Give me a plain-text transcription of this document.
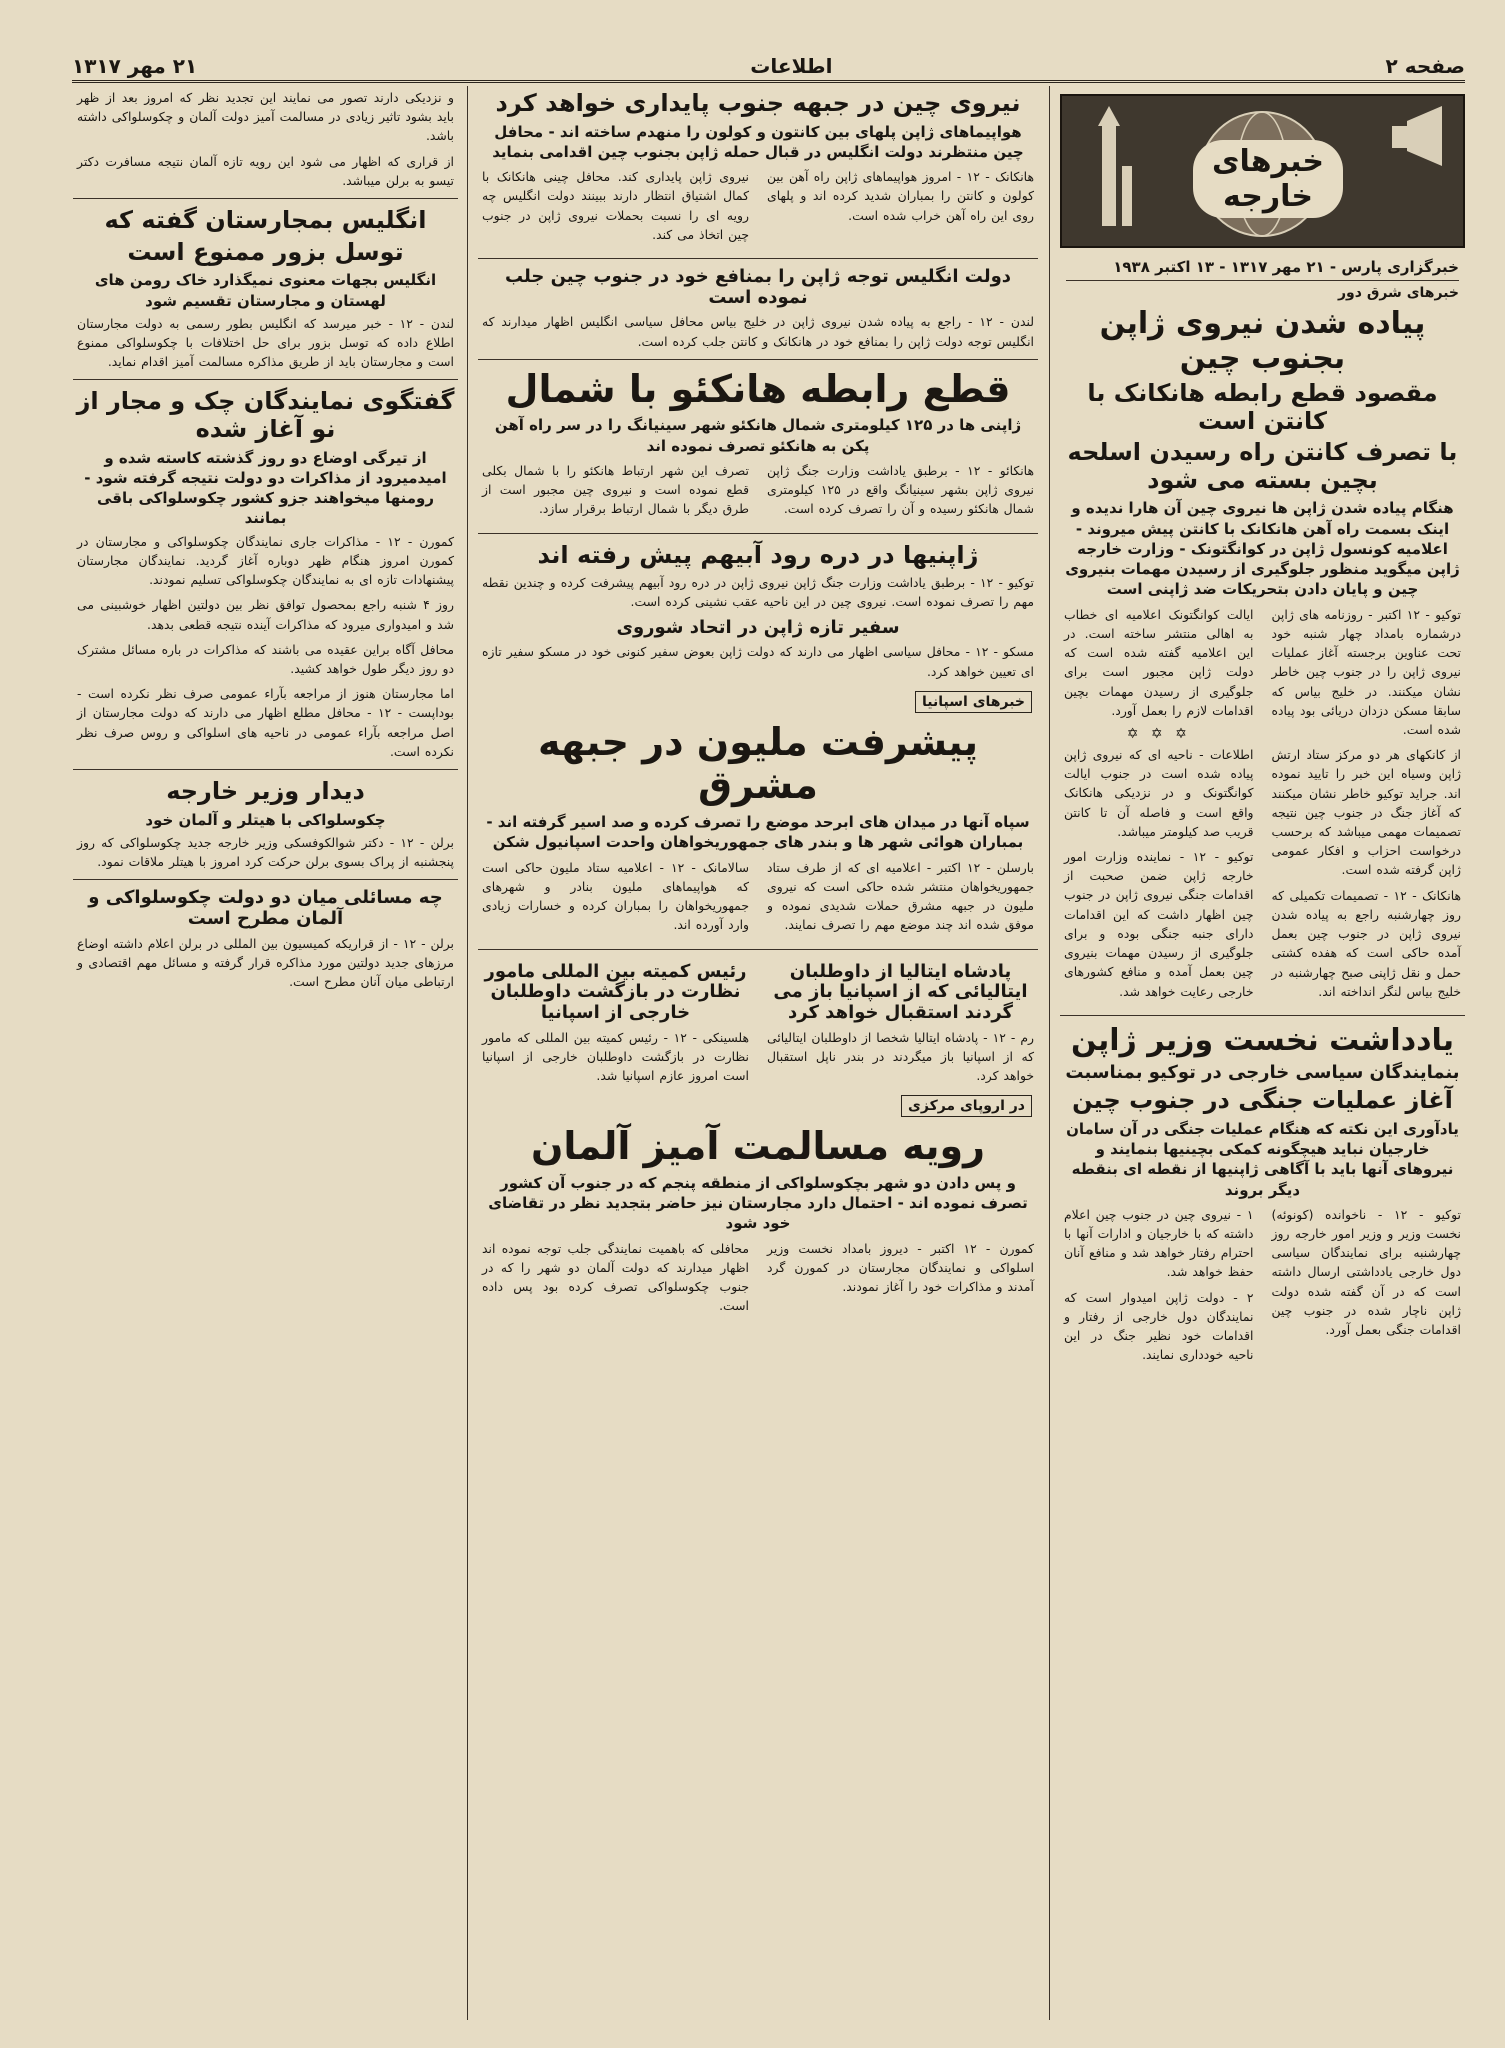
صفحه ۲
اطلاعات
۲۱ مهر ۱۳۱۷
خبرهای خارجه
خبرگزاری پارس - ۲۱ مهر ۱۳۱۷ - ۱۳ اکتبر ۱۹۳۸
خبرهای شرق دور
پیاده شدن نیروی ژاپن بجنوب چین
مقصود قطع رابطه هانکانک با کانتن است
با تصرف کانتن راه رسیدن اسلحه بچین بسته می شود
هنگام پیاده شدن ژاپن ها نیروی چین آن هارا ندیده و اینک بسمت راه آهن هانکانک با کانتن پیش میروند - اعلامیه کونسول ژاپن در کوانگتونک - وزارت خارجه ژاپن میگوید منظور جلوگیری از رسیدن مهمات بنیروی چین و پایان دادن بتحریکات ضد ژاپنی است
توکیو - ۱۲ اکتبر - روزنامه های ژاپن درشماره بامداد چهار شنبه خود تحت عناوین برجسته آغاز عملیات نیروی ژاپن را در جنوب چین خاطر نشان میکنند. در خلیج بیاس که سابقا مسکن دزدان دریائی بود پیاده شده است.
از کانکهای هر دو مرکز ستاد ارتش ژاپن وسیاه این خبر را تایید نموده اند. جراید توکیو خاطر نشان میکنند که آغاز جنگ در جنوب چین نتیجه تصمیمات مهمی میباشد که برحسب درخواست احزاب و افکار عمومی ژاپن گرفته شده است.
هانکانک - ۱۲ - تصمیمات تکمیلی که روز چهارشنبه راجع به پیاده شدن نیروی ژاپن در جنوب چین بعمل آمده حاکی است که هفده کشتی حمل و نقل ژاپنی صبح چهارشنبه در خلیج بیاس لنگر انداخته اند.
ایالت کوانگتونک اعلامیه ای خطاب به اهالی منتشر ساخته است. در این اعلامیه گفته شده است که دولت ژاپن مجبور است برای جلوگیری از رسیدن مهمات بچین اقدامات لازم را بعمل آورد.
✡ ✡ ✡
اطلاعات - ناحیه ای که نیروی ژاپن پیاده شده است در جنوب ایالت کوانگتونک و در نزدیکی هانکانک واقع است و فاصله آن تا کانتن قریب صد کیلومتر میباشد.
توکیو - ۱۲ - نماینده وزارت امور خارجه ژاپن ضمن صحبت از اقدامات جنگی نیروی ژاپن در جنوب چین اظهار داشت که این اقدامات دارای جنبه جنگی بوده و برای جلوگیری از رسیدن مهمات بنیروی چین بعمل آمده و منافع کشورهای خارجی رعایت خواهد شد.
یادداشت نخست وزیر ژاپن
بنمایندگان سیاسی خارجی در توکیو بمناسبت
آغاز عملیات جنگی در جنوب چین
یادآوری این نکته که هنگام عملیات جنگی در آن سامان خارجیان نباید هیچگونه کمکی بچینیها بنمایند و نیروهای آنها باید با آگاهی ژاپنیها از نقطه ای بنقطه دیگر بروند
توکیو - ۱۲ - ناخوانده (کونوئه) نخست وزیر و وزیر امور خارجه روز چهارشنبه برای نمایندگان سیاسی دول خارجی یادداشتی ارسال داشته است که در آن گفته شده دولت ژاپن ناچار شده در جنوب چین اقدامات جنگی بعمل آورد.
۱ - نیروی چین در جنوب چین اعلام داشته که با خارجیان و ادارات آنها با احترام رفتار خواهد شد و منافع آنان حفظ خواهد شد.
۲ - دولت ژاپن امیدوار است که نمایندگان دول خارجی از رفتار و اقدامات خود نظیر جنگ در این ناحیه خودداری نمایند.
نیروی چین در جبهه جنوب پایداری خواهد کرد
هواپیماهای ژاپن پلهای بین کانتون و کولون را منهدم ساخته اند - محافل چین منتظرند دولت انگلیس در قبال حمله ژاپن بجنوب چین اقدامی بنماید
هانکانک - ۱۲ - امروز هواپیماهای ژاپن راه آهن بین کولون و کانتن را بمباران شدید کرده اند و پلهای روی این راه آهن خراب شده است.
نیروی ژاپن پایداری کند. محافل چینی هانکانک با کمال اشتیاق انتظار دارند ببینند دولت انگلیس چه رویه ای را نسبت بحملات نیروی ژاپن در جنوب چین اتخاذ می کند.
دولت انگلیس توجه ژاپن را بمنافع خود در جنوب چین جلب نموده است
لندن - ۱۲ - راجع به پیاده شدن نیروی ژاپن در خلیج بیاس محافل سیاسی انگلیس اظهار میدارند که انگلیس توجه دولت ژاپن را بمنافع خود در هانکانک و کانتن جلب کرده است.
قطع رابطه هانکئو با شمال
ژاپنی ها در ۱۲۵ کیلومتری شمال هانکئو شهر سینیانگ را در سر راه آهن پکن به هانکئو تصرف نموده اند
هانکائو - ۱۲ - برطبق یاداشت وزارت جنگ ژاپن نیروی ژاپن بشهر سینیانگ واقع در ۱۲۵ کیلومتری شمال هانکئو رسیده و آن را تصرف کرده است.
تصرف این شهر ارتباط هانکئو را با شمال بکلی قطع نموده است و نیروی چین مجبور است از طرق دیگر با شمال ارتباط برقرار سازد.
ژاپنیها در دره رود آبیهم پیش رفته اند
توکیو - ۱۲ - برطبق یاداشت وزارت جنگ ژاپن نیروی ژاپن در دره رود آبیهم پیشرفت کرده و چندین نقطه مهم را تصرف نموده است. نیروی چین در این ناحیه عقب نشینی کرده است.
سفیر تازه ژاپن در اتحاد شوروی
مسکو - ۱۲ - محافل سیاسی اظهار می دارند که دولت ژاپن بعوض سفیر کنونی خود در مسکو سفیر تازه ای تعیین خواهد کرد.
خبرهای اسپانیا
پیشرفت ملیون در جبهه مشرق
سپاه آنها در میدان های ابرحد موضع را تصرف کرده و صد اسیر گرفته اند - بمباران هوائی شهر ها و بندر های جمهوریخواهان واحدت اسپانیول شکن
بارسلن - ۱۲ اکتبر - اعلامیه ای که از طرف ستاد جمهوریخواهان منتشر شده حاکی است که نیروی ملیون در جبهه مشرق حملات شدیدی نموده و موفق شده اند چند موضع مهم را تصرف نمایند.
سالامانک - ۱۲ - اعلامیه ستاد ملیون حاکی است که هواپیماهای ملیون بنادر و شهرهای جمهوریخواهان را بمباران کرده و خسارات زیادی وارد آورده اند.
پادشاه ایتالیا از داوطلبان ایتالیائی که از اسپانیا باز می گردند استقبال خواهد کرد
رم - ۱۲ - پادشاه ایتالیا شخصا از داوطلبان ایتالیائی که از اسپانیا باز میگردند در بندر ناپل استقبال خواهد کرد.
رئیس کمیته بین المللی مامور نظارت در بازگشت داوطلبان خارجی از اسپانیا
هلسینکی - ۱۲ - رئیس کمیته بین المللی که مامور نظارت در بازگشت داوطلبان خارجی از اسپانیا است امروز عازم اسپانیا شد.
در اروپای مرکزی
رویه مسالمت آمیز آلمان
و پس دادن دو شهر بچکوسلواکی از منطقه پنجم که در جنوب آن کشور تصرف نموده اند - احتمال دارد مجارستان نیز حاضر بتجدید نظر در تقاضای خود شود
کمورن - ۱۲ اکتبر - دیروز بامداد نخست وزیر اسلواکی و نمایندگان مجارستان در کمورن گرد آمدند و مذاکرات خود را آغاز نمودند.
محافلی که باهمیت نمایندگی جلب توجه نموده اند اظهار میدارند که دولت آلمان دو شهر را که در جنوب چکوسلواکی تصرف کرده بود پس داده است.
و نزدیکی دارند تصور می نمایند این تجدید نظر که امروز بعد از ظهر باید بشود تاثیر زیادی در مسالمت آمیز دولت آلمان و چکوسلواکی داشته باشد.
از قراری که اظهار می شود این رویه تازه آلمان نتیجه مسافرت دکتر تیسو به برلن میباشد.
انگلیس بمجارستان گفته که
توسل بزور ممنوع است
انگلیس بجهات معنوی نمیگذارد خاک رومن های لهستان و مجارستان تقسیم شود
لندن - ۱۲ - خبر میرسد که انگلیس بطور رسمی به دولت مجارستان اطلاع داده که توسل بزور برای حل اختلافات با چکوسلواکی ممنوع است و مجارستان باید از طریق مذاکره مسالمت آمیز اقدام نماید.
گفتگوی نمایندگان چک و مجار از نو آغاز شده
از تیرگی اوضاع دو روز گذشته کاسته شده و امیدمیرود از مذاکرات دو دولت نتیجه گرفته شود - رومنها میخواهند جزو کشور چکوسلواکی باقی بمانند
کمورن - ۱۲ - مذاکرات جاری نمایندگان چکوسلواکی و مجارستان در کمورن امروز هنگام ظهر دوباره آغاز گردید. نمایندگان مجارستان پیشنهادات تازه ای به نمایندگان چکوسلواکی تسلیم نمودند.
روز ۴ شنبه راجع بمحصول توافق نظر بین دولتین اظهار خوشبینی می شد و امیدواری میرود که مذاکرات آینده نتیجه قطعی بدهد.
محافل آگاه براین عقیده می باشند که مذاکرات در باره مسائل مشترک دو روز دیگر طول خواهد کشید.
اما مجارستان هنوز از مراجعه بآراء عمومی صرف نظر نکرده است - بوداپست - ۱۲ - محافل مطلع اظهار می دارند که دولت مجارستان از اصل مراجعه بآراء عمومی در ناحیه های اسلواکی و روس صرف نظر نکرده است.
دیدار وزیر خارجه
چکوسلواکی با هیتلر و آلمان خود
برلن - ۱۲ - دکتر شوالکوفسکی وزیر خارجه جدید چکوسلواکی که روز پنجشنبه از پراک بسوی برلن حرکت کرد امروز با هیتلر ملاقات نمود.
چه مسائلی میان دو دولت چکوسلواکی و آلمان مطرح است
برلن - ۱۲ - از قراریکه کمیسیون بین المللی در برلن اعلام داشته اوضاع مرزهای جدید دولتین مورد مذاکره قرار گرفته و مسائل مهم اقتصادی و ارتباطی میان آنان مطرح است.
